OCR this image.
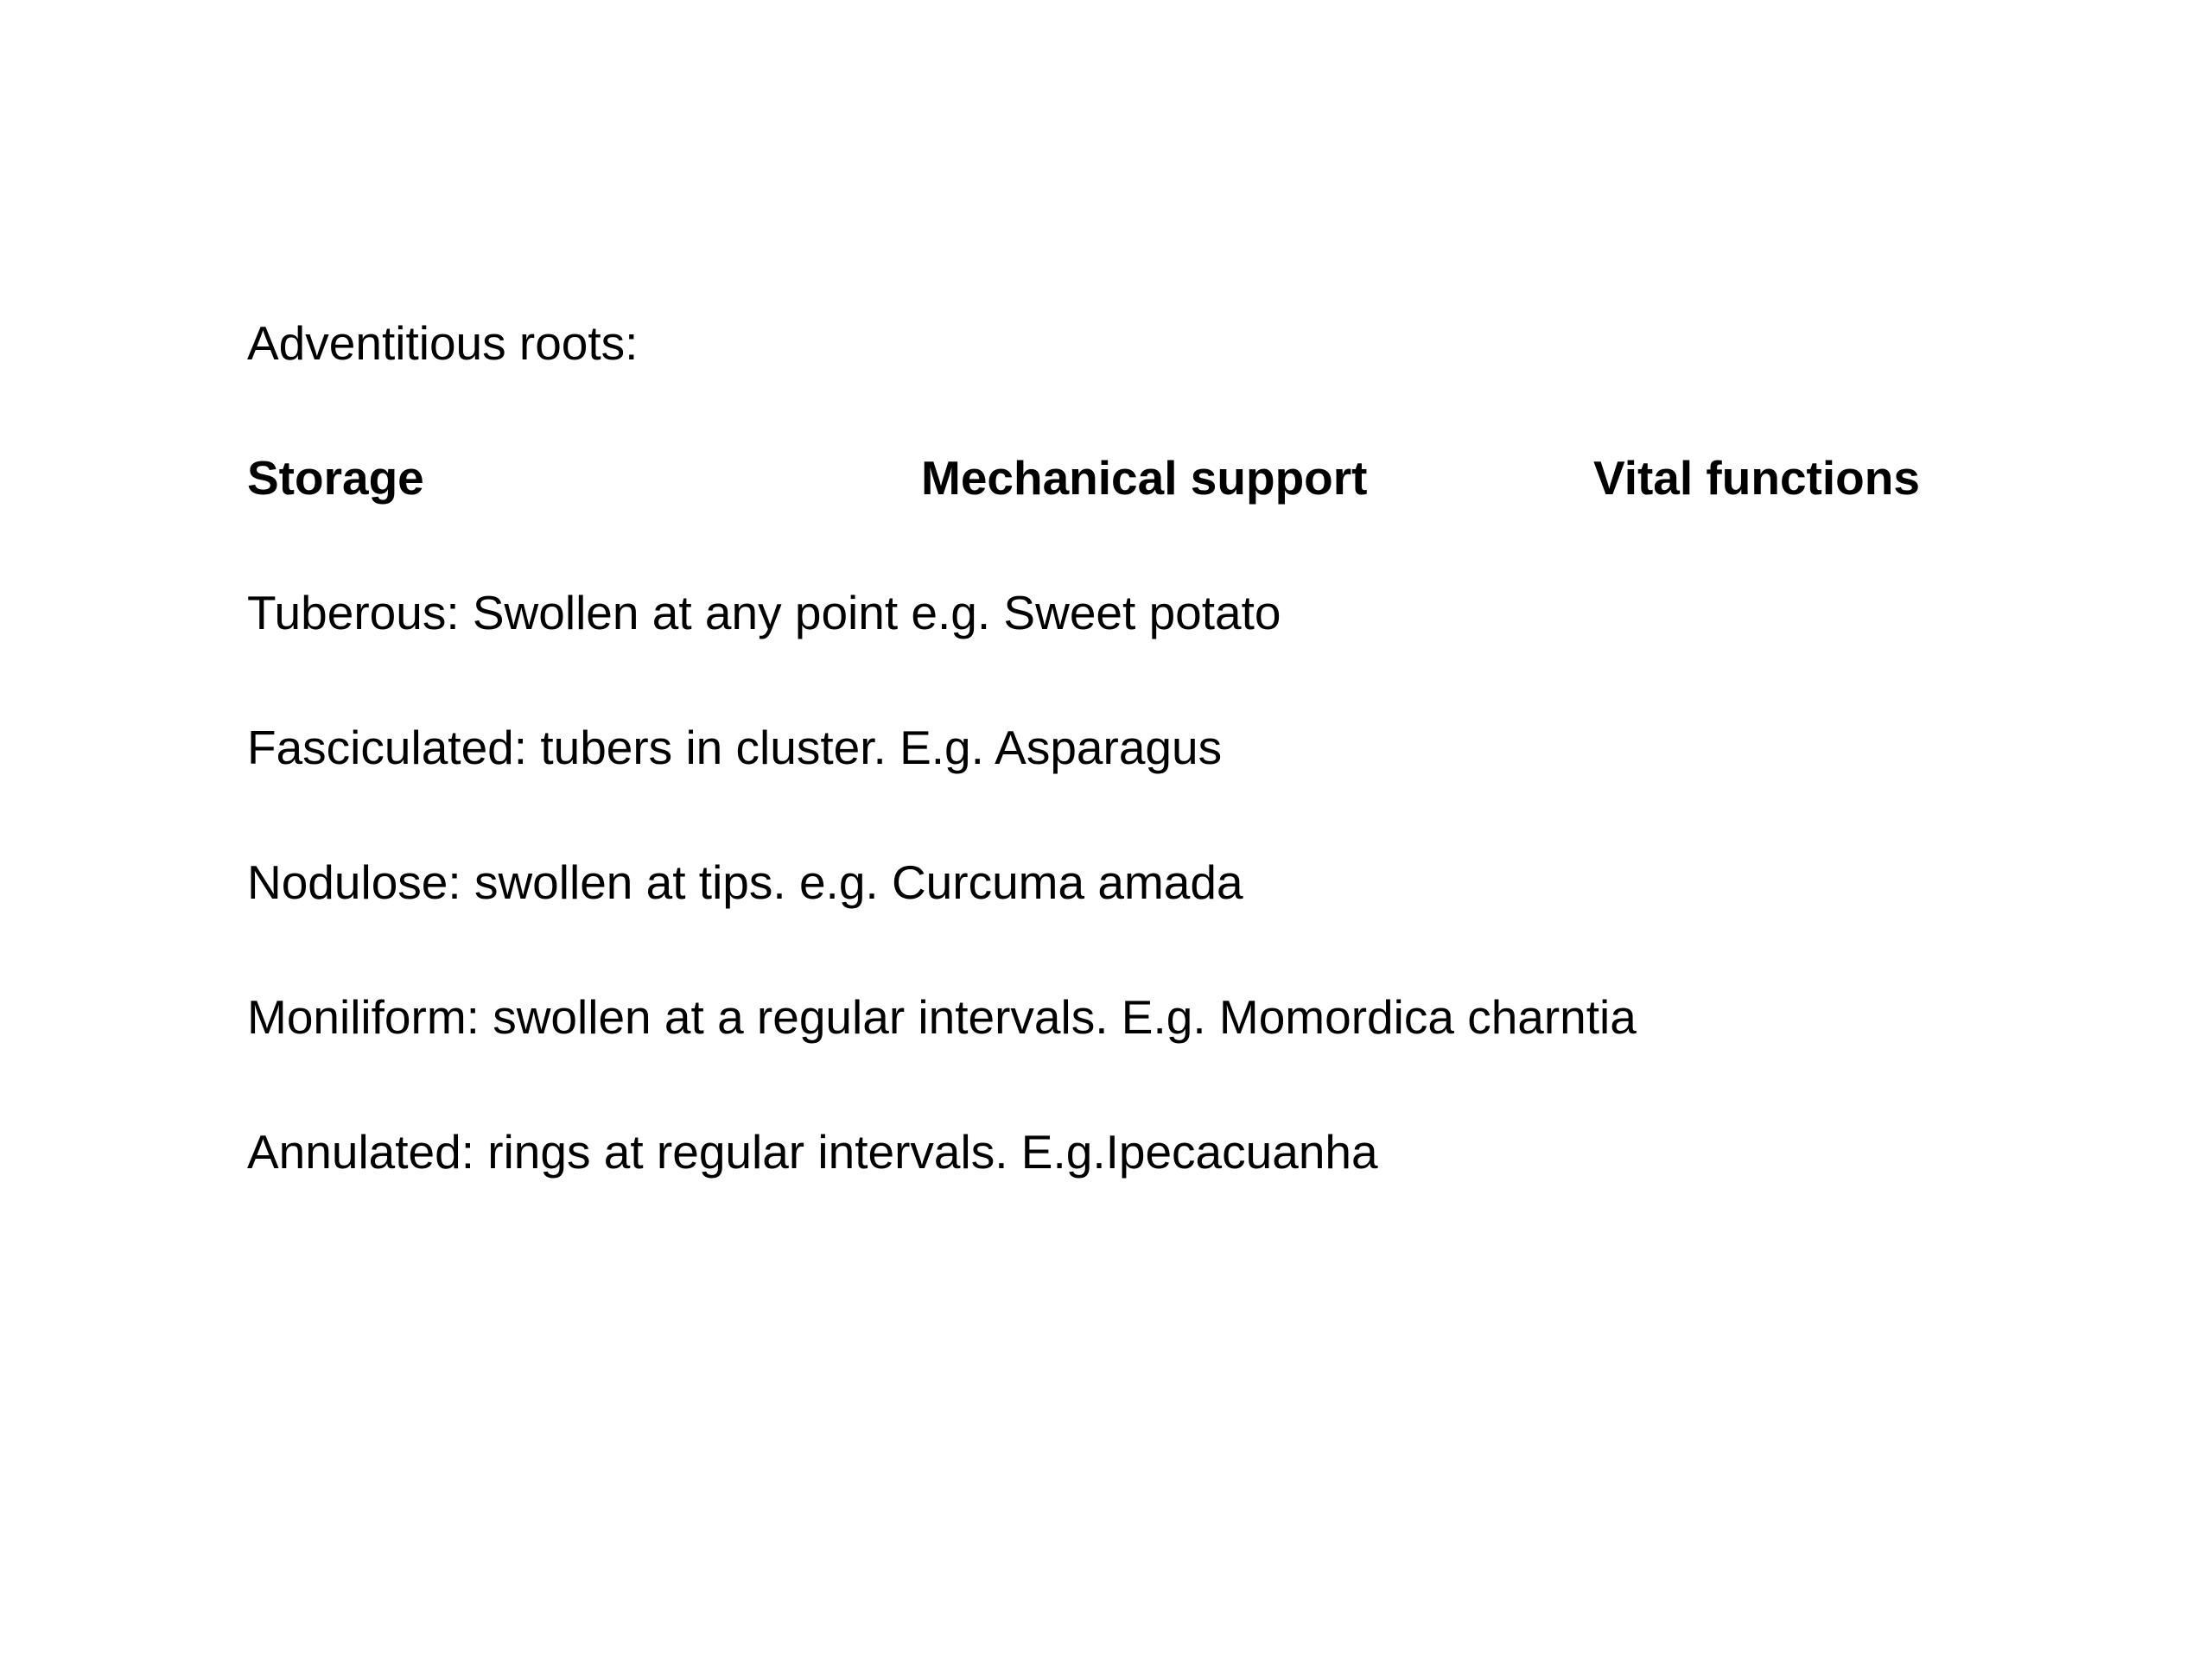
Adventitious roots:
Storage	Mechanical support	Vital functions
Tuberous: Swollen at any point e.g. Sweet potato
Fasciculated: tubers in cluster. E.g. Asparagus
Nodulose: swollen at tips. e.g. Curcuma amada
Moniliform: swollen at a regular intervals. E.g. Momordica charntia
Annulated: rings at regular intervals. E.g.Ipecacuanha
